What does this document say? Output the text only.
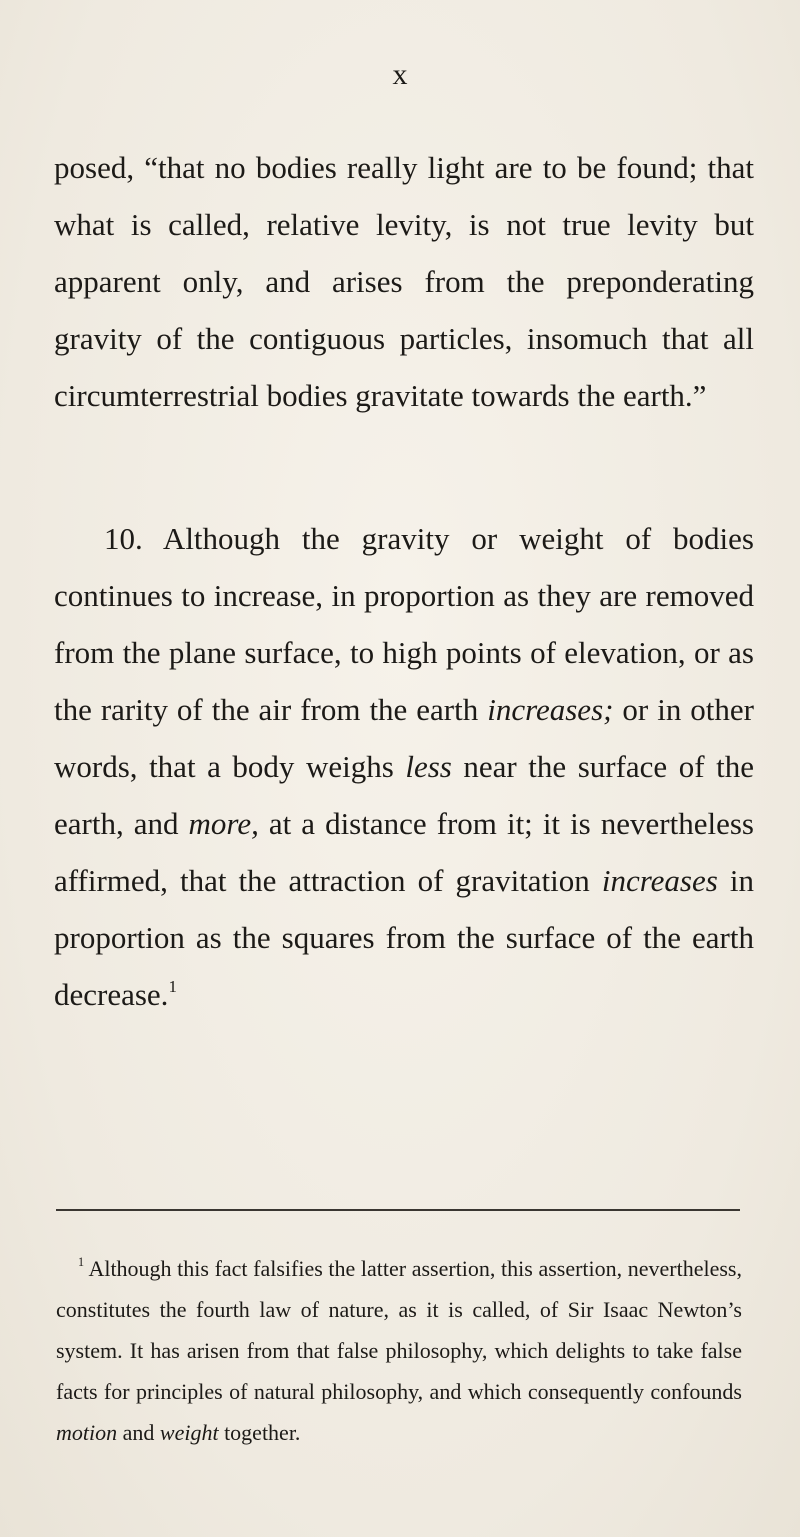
x

posed, “that no bodies really light are to be found; that what is called, relative levity, is not true levity but apparent only, and arises from the preponderating gravity of the contiguous particles, insomuch that all circumterrestrial bodies gravitate towards the earth.”

10. Although the gravity or weight of bodies continues to increase, in proportion as they are removed from the plane surface, to high points of elevation, or as the rarity of the air from the earth increases; or in other words, that a body weighs less near the surface of the earth, and more, at a distance from it; it is nevertheless affirmed, that the attraction of gravitation increases in proportion as the squares from the surface of the earth decrease.$^1$

$^1$ Although this fact falsifies the latter assertion, this assertion, nevertheless, constitutes the fourth law of nature, as it is called, of Sir Isaac Newton’s system. It has arisen from that false philosophy, which delights to take false facts for principles of natural philosophy, and which consequently confounds motion and weight together.
